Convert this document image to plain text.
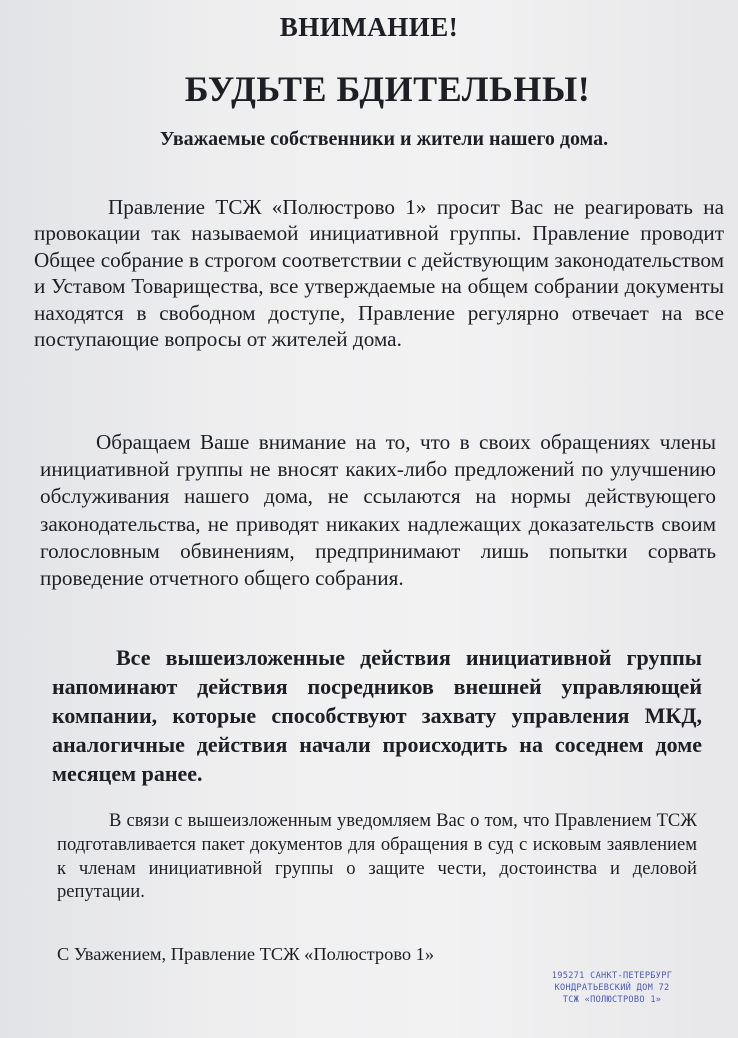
ВНИМАНИЕ!
БУДЬТЕ БДИТЕЛЬНЫ!
Уважаемые собственники и жители нашего дома.

Правление ТСЖ «Полюстрово 1» просит Вас не реагировать на провокации так называемой инициативной группы. Правление проводит Общее собрание в строгом соответствии с действующим законодательством и Уставом Товарищества, все утверждаемые на общем собрании документы находятся в свободном доступе, Правление регулярно отвечает на все поступающие вопросы от жителей дома.

Обращаем Ваше внимание на то, что в своих обращениях члены инициативной группы не вносят каких-либо предложений по улучшению обслуживания нашего дома, не ссылаются на нормы действующего законодательства, не приводят никаких надлежащих доказательств своим голословным обвинениям, предпринимают лишь попытки сорвать проведение отчетного общего собрания.

Все вышеизложенные действия инициативной группы напоминают действия посредников внешней управляющей компании, которые способствуют захвату управления МКД, аналогичные действия начали происходить на соседнем доме месяцем ранее.

В связи с вышеизложенным уведомляем Вас о том, что Правлением ТСЖ подготавливается пакет документов для обращения в суд с исковым заявлением к членам инициативной группы о защите чести, достоинства и деловой репутации.

С Уважением, Правление ТСЖ «Полюстрово 1»

195271 САНКТ-ПЕТЕРБУРГ
КОНДРАТЬЕВСКИЙ ДОМ 72
ТСЖ «ПОЛЮСТРОВО 1»
